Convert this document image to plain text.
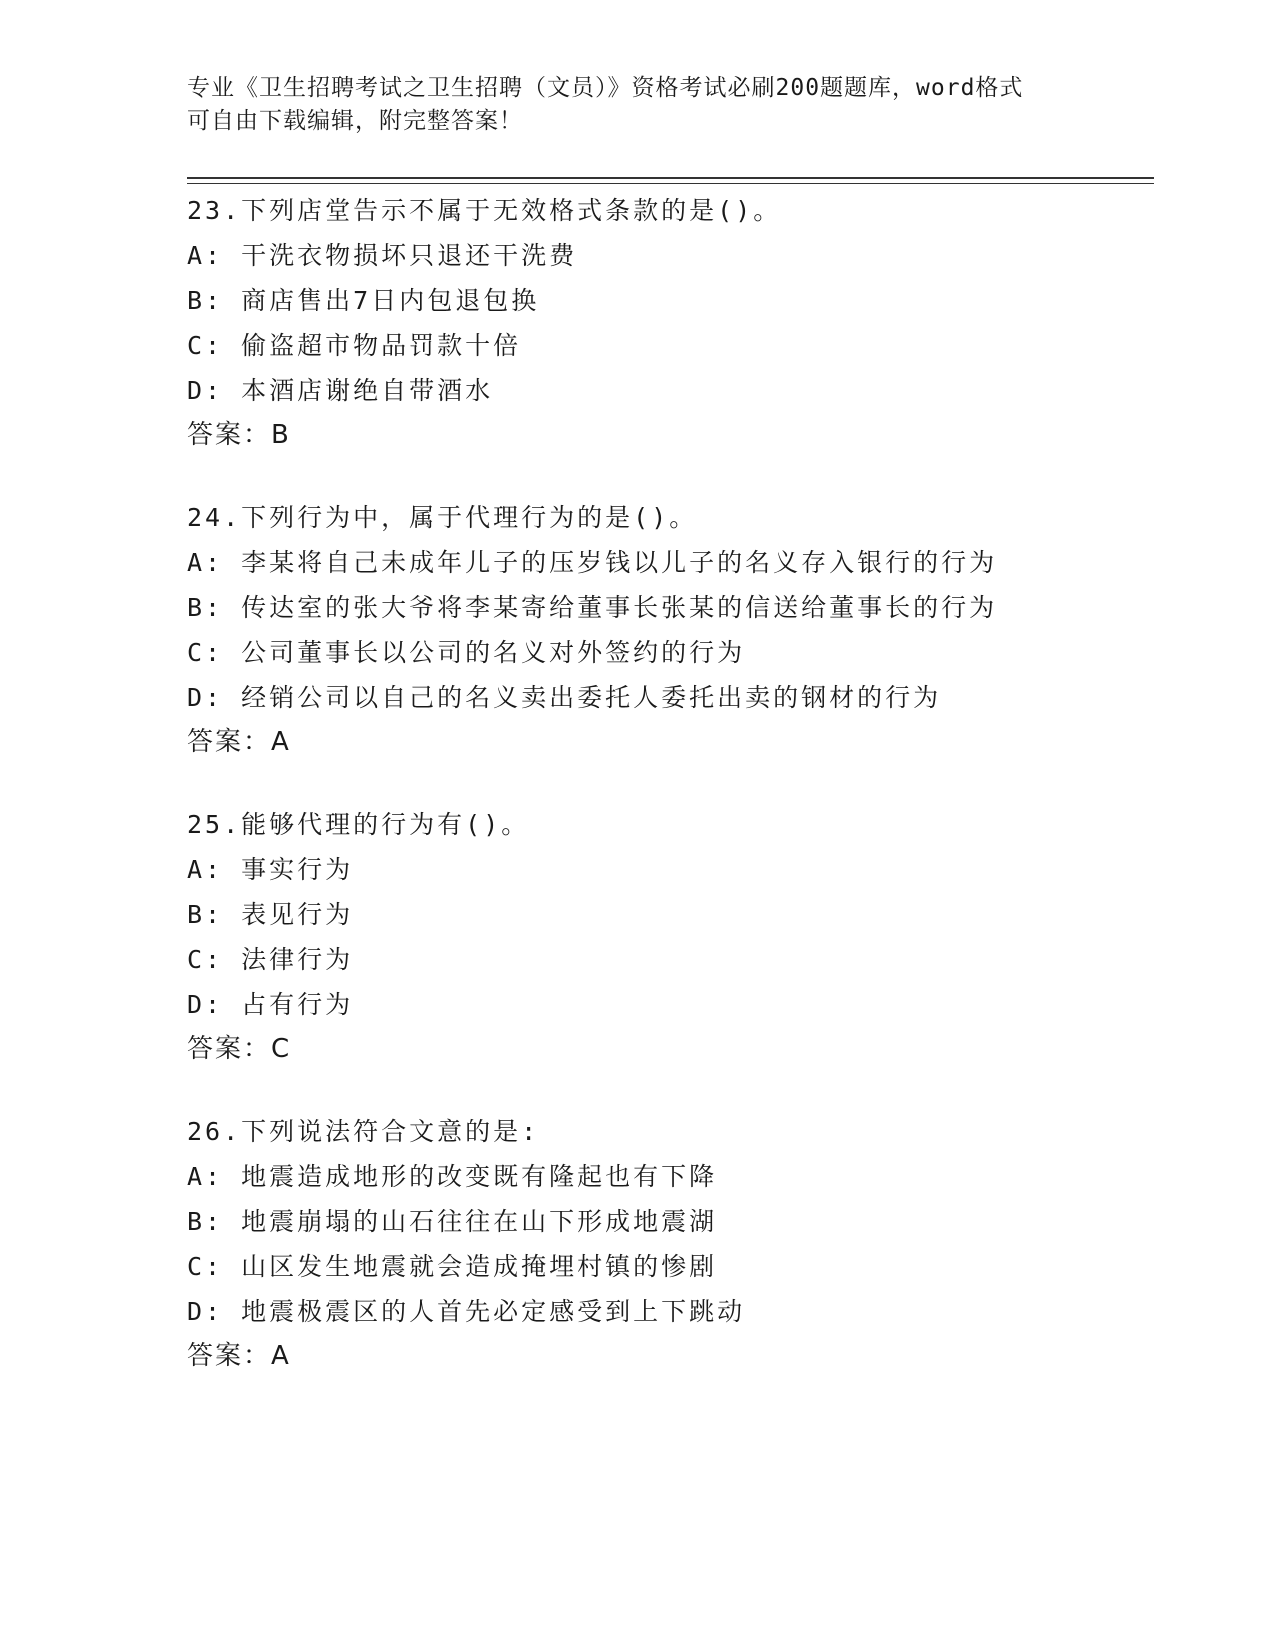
专业《卫生招聘考试之卫生招聘（文员）》资格考试必刷200题题库，word格式
可自由下载编辑，附完整答案！
23.下列店堂告示不属于无效格式条款的是()。
A: 干洗衣物损坏只退还干洗费
B: 商店售出7日内包退包换
C: 偷盗超市物品罚款十倍
D: 本酒店谢绝自带酒水
答案：B
24.下列行为中，属于代理行为的是()。
A: 李某将自己未成年儿子的压岁钱以儿子的名义存入银行的行为
B: 传达室的张大爷将李某寄给董事长张某的信送给董事长的行为
C: 公司董事长以公司的名义对外签约的行为
D: 经销公司以自己的名义卖出委托人委托出卖的钢材的行为
答案：A
25.能够代理的行为有()。
A: 事实行为
B: 表见行为
C: 法律行为
D: 占有行为
答案：C
26.下列说法符合文意的是:
A: 地震造成地形的改变既有隆起也有下降
B: 地震崩塌的山石往往在山下形成地震湖
C: 山区发生地震就会造成掩埋村镇的惨剧
D: 地震极震区的人首先必定感受到上下跳动
答案：A
